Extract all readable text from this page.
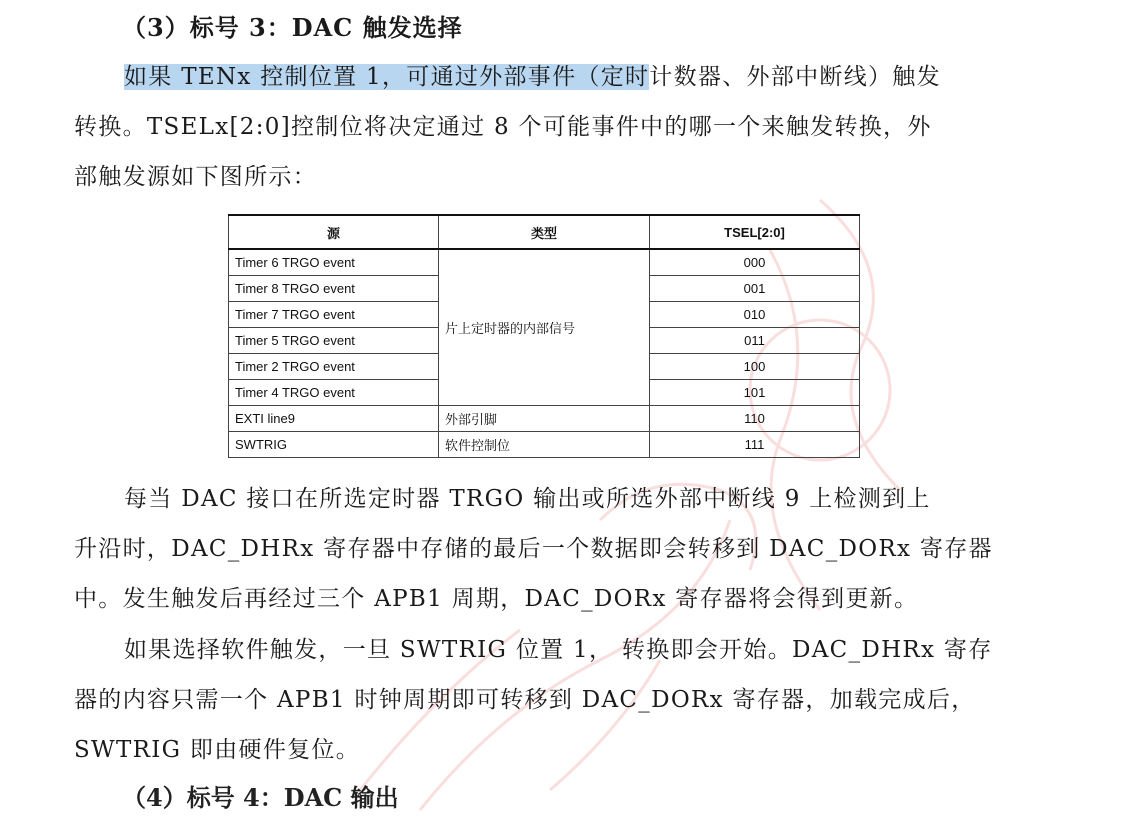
（3）标号 3：DAC 触发选择

如果 TENx 控制位置 1，可通过外部事件（定时计数器、外部中断线）触发
转换。TSELx[2:0]控制位将决定通过 8 个可能事件中的哪一个来触发转换，外
部触发源如下图所示：

源	类型	TSEL[2:0]
Timer 6 TRGO event	片上定时器的内部信号	000
Timer 8 TRGO event		001
Timer 7 TRGO event		010
Timer 5 TRGO event		011
Timer 2 TRGO event		100
Timer 4 TRGO event		101
EXTI line9	外部引脚	110
SWTRIG	软件控制位	111

每当 DAC 接口在所选定时器 TRGO 输出或所选外部中断线 9 上检测到上
升沿时，DAC_DHRx 寄存器中存储的最后一个数据即会转移到 DAC_DORx 寄存器
中。发生触发后再经过三个 APB1 周期，DAC_DORx 寄存器将会得到更新。

如果选择软件触发，一旦 SWTRIG 位置 1， 转换即会开始。DAC_DHRx 寄存
器的内容只需一个 APB1 时钟周期即可转移到 DAC_DORx 寄存器，加载完成后，
SWTRIG 即由硬件复位。

（4）标号 4：DAC 输出
